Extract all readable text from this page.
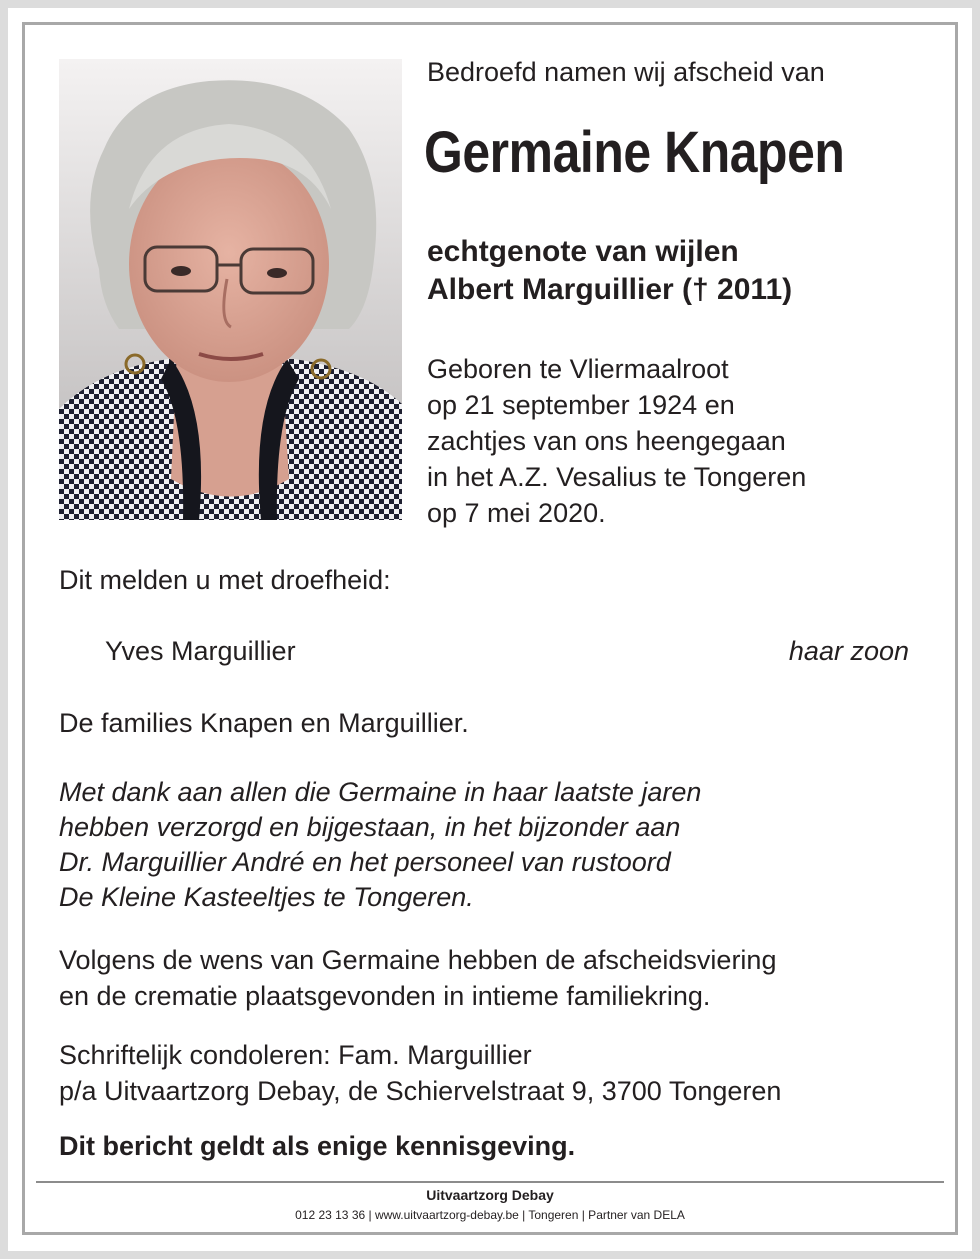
Bedroefd namen wij afscheid van

Germaine Knapen

echtgenote van wijlen
Albert Marguillier († 2011)

Geboren te Vliermaalroot
op 21 september 1924 en
zachtjes van ons heengegaan
in het A.Z. Vesalius te Tongeren
op 7 mei 2020.

Dit melden u met droefheid:

Yves Marguillier	haar zoon

De families Knapen en Marguillier.

Met dank aan allen die Germaine in haar laatste jaren
hebben verzorgd en bijgestaan, in het bijzonder aan
Dr. Marguillier André en het personeel van rustoord
De Kleine Kasteeltjes te Tongeren.

Volgens de wens van Germaine hebben de afscheidsviering
en de crematie plaatsgevonden in intieme familiekring.

Schriftelijk condoleren: Fam. Marguillier
p/a Uitvaartzorg Debay, de Schiervelstraat 9, 3700 Tongeren

Dit bericht geldt als enige kennisgeving.

Uitvaartzorg Debay
012 23 13 36 | www.uitvaartzorg-debay.be | Tongeren | Partner van DELA
